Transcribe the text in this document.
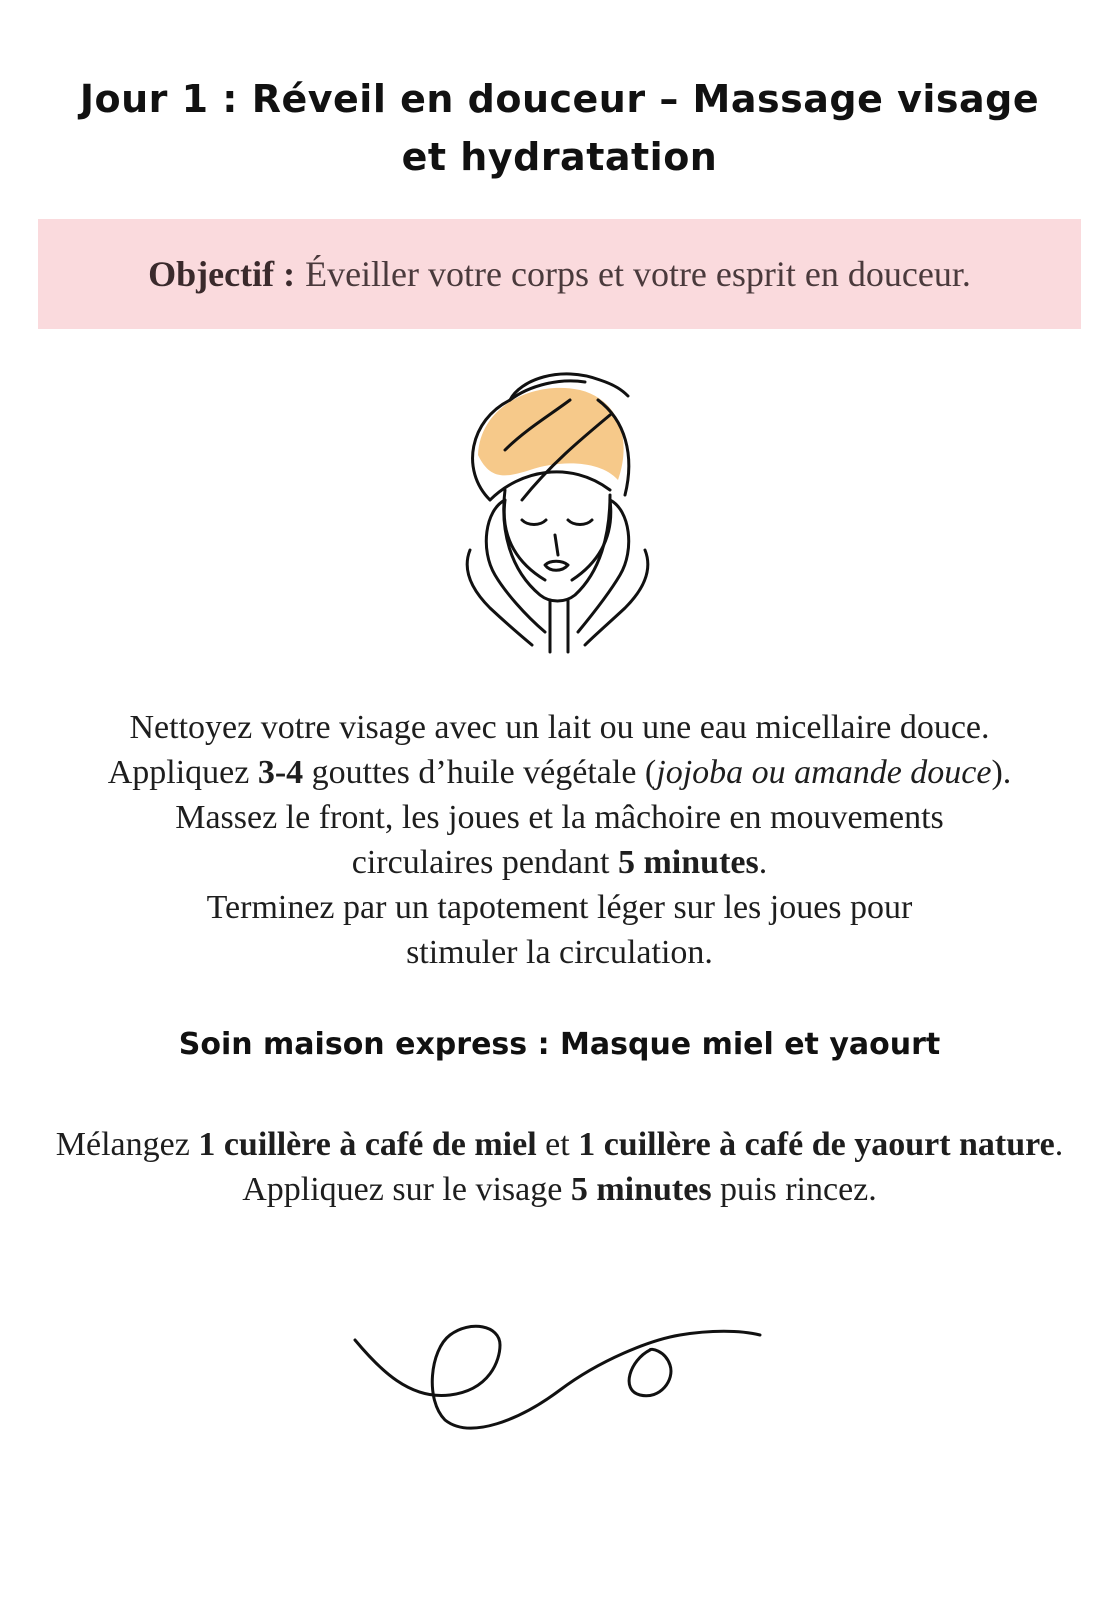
Jour 1 : Réveil en douceur – Massage visage
et hydratation
Objectif : Éveiller votre corps et votre esprit en douceur.
Nettoyez votre visage avec un lait ou une eau micellaire douce.
Appliquez 3-4 gouttes d’huile végétale (jojoba ou amande douce).
Massez le front, les joues et la mâchoire en mouvements
circulaires pendant 5 minutes.
Terminez par un tapotement léger sur les joues pour
stimuler la circulation.
Soin maison express : Masque miel et yaourt
Mélangez 1 cuillère à café de miel et 1 cuillère à café de yaourt nature.
Appliquez sur le visage 5 minutes puis rincez.
